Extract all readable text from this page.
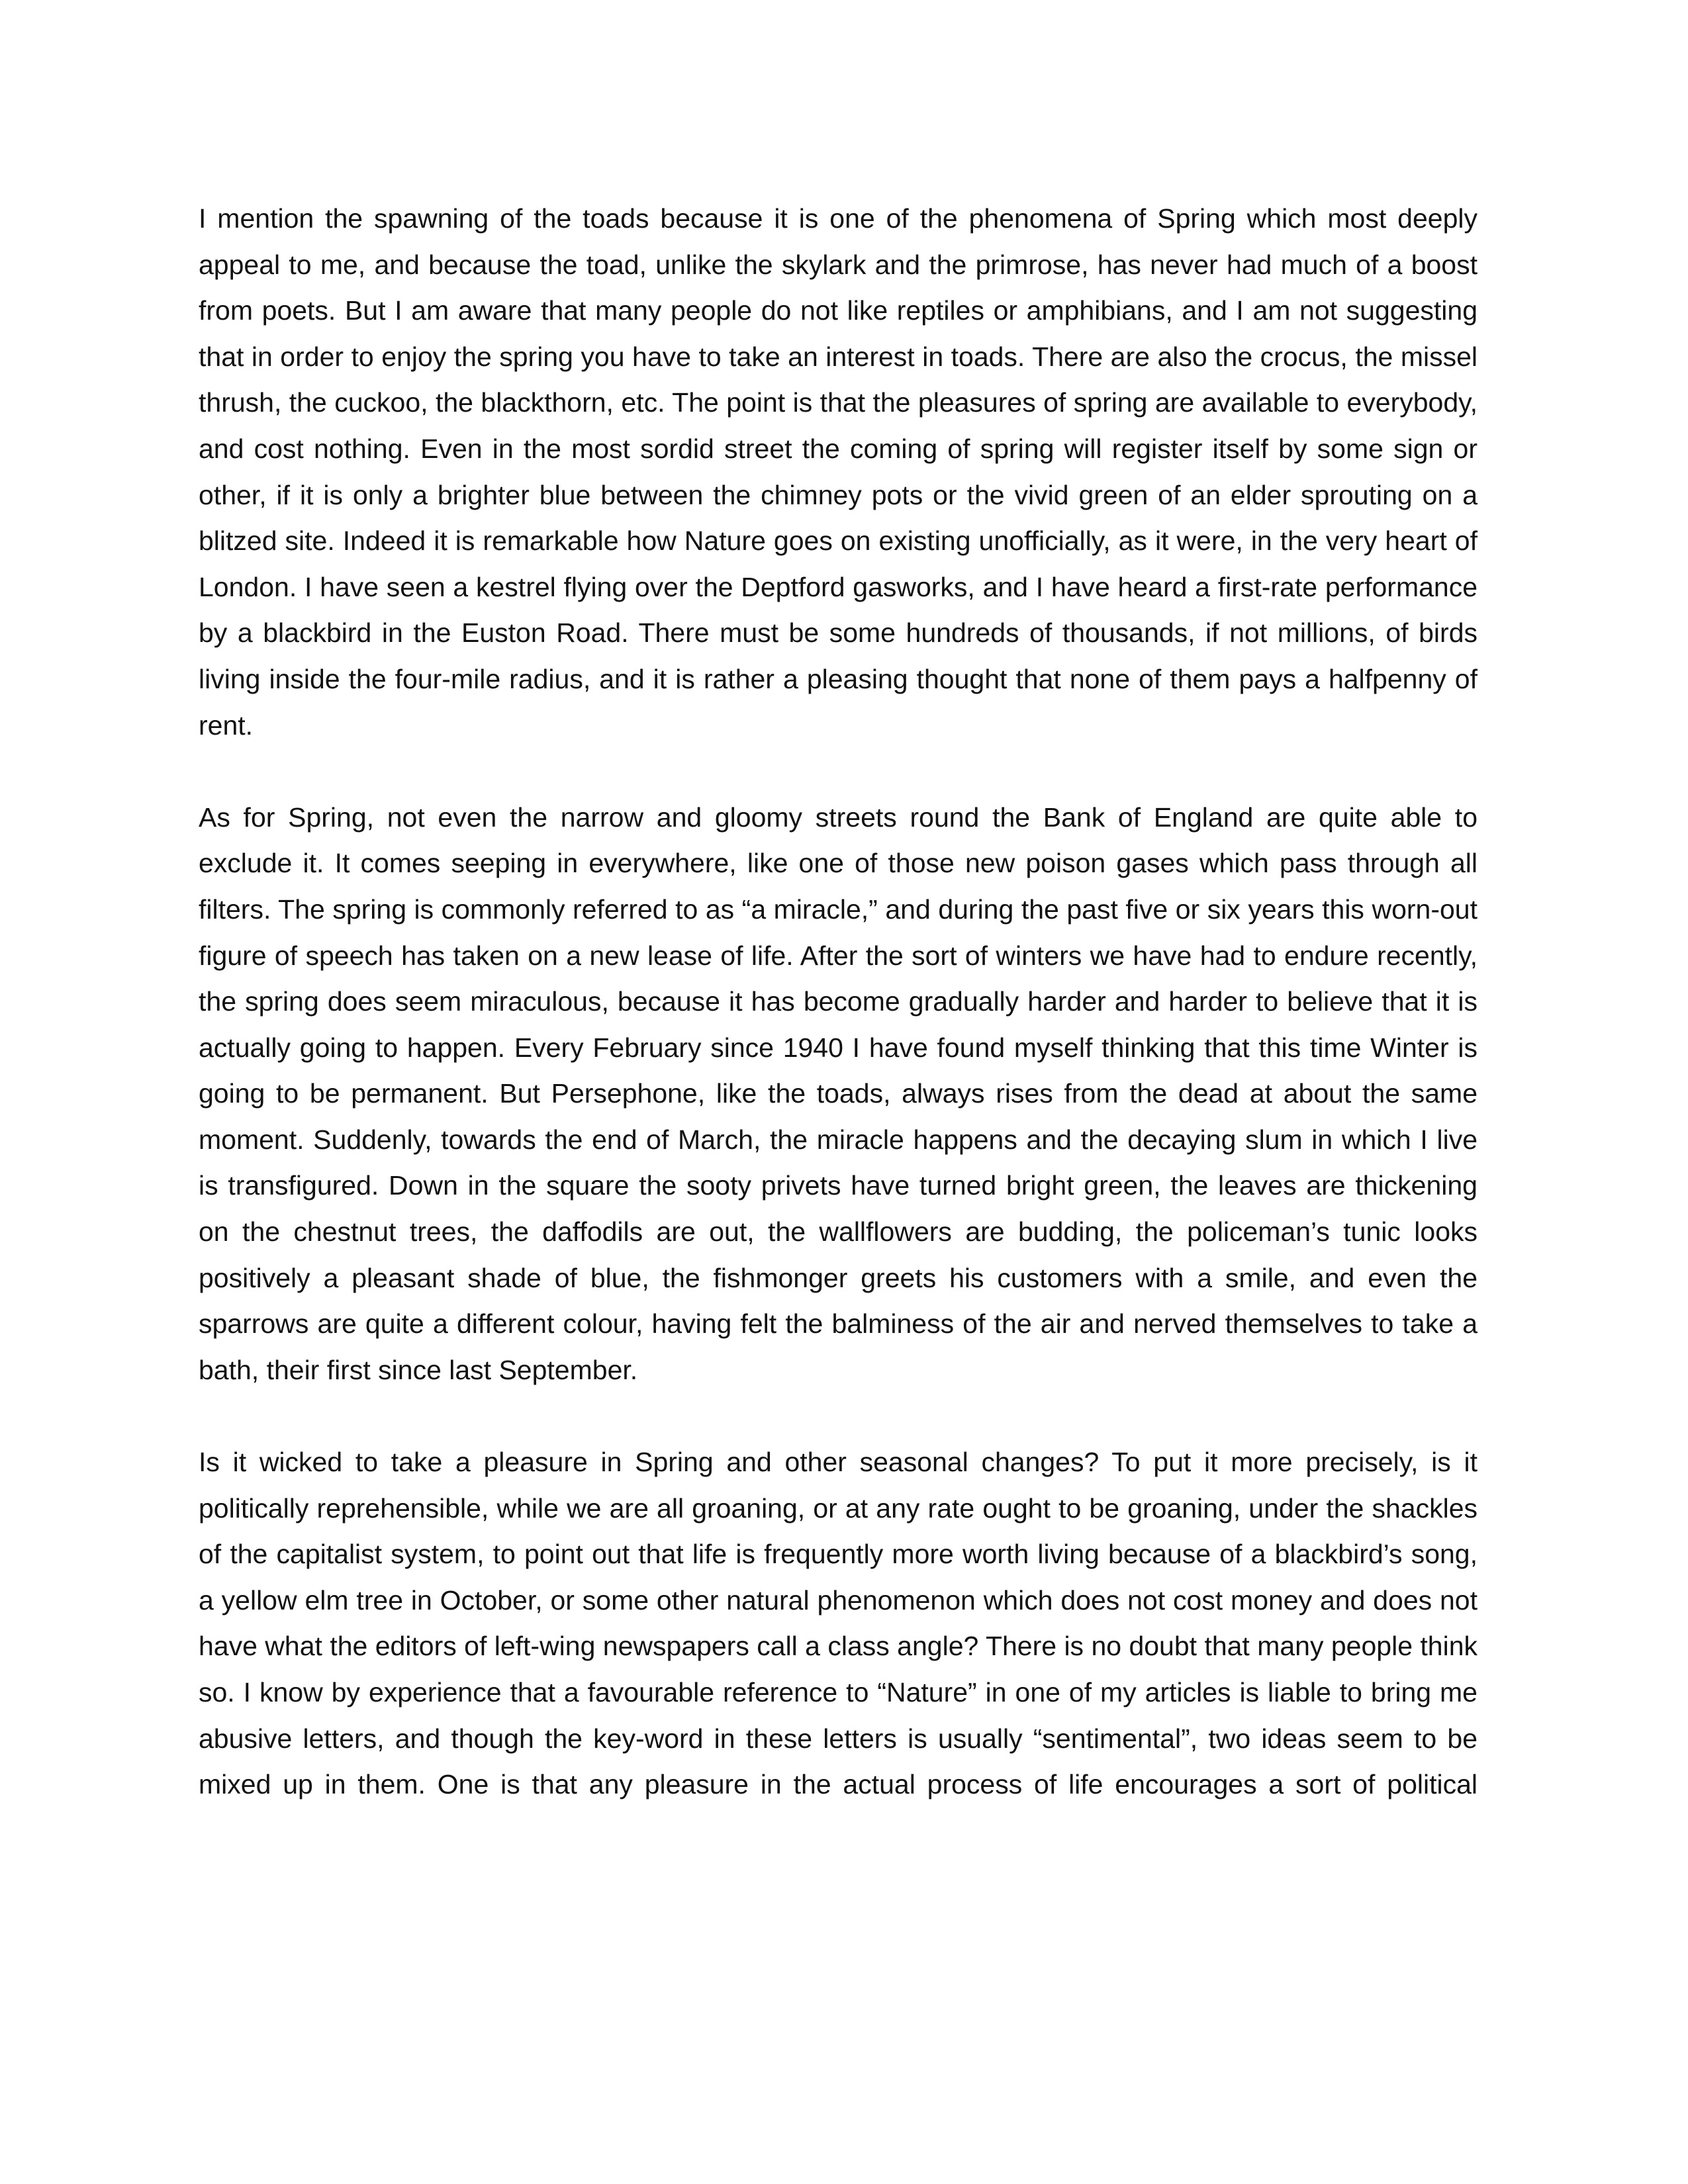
I mention the spawning of the toads because it is one of the phenomena of Spring which most deeply appeal to me, and because the toad, unlike the skylark and the primrose, has never had much of a boost from poets. But I am aware that many people do not like reptiles or amphibians, and I am not suggesting that in order to enjoy the spring you have to take an interest in toads. There are also the crocus, the missel thrush, the cuckoo, the blackthorn, etc. The point is that the pleasures of spring are available to everybody, and cost nothing. Even in the most sordid street the coming of spring will register itself by some sign or other, if it is only a brighter blue between the chimney pots or the vivid green of an elder sprouting on a blitzed site. Indeed it is remarkable how Nature goes on existing unofficially, as it were, in the very heart of London. I have seen a kestrel flying over the Deptford gasworks, and I have heard a first-rate performance by a blackbird in the Euston Road. There must be some hundreds of thousands, if not millions, of birds living inside the four-mile radius, and it is rather a pleasing thought that none of them pays a halfpenny of rent.

As for Spring, not even the narrow and gloomy streets round the Bank of England are quite able to exclude it. It comes seeping in everywhere, like one of those new poison gases which pass through all filters. The spring is commonly referred to as “a miracle,” and during the past five or six years this worn-out figure of speech has taken on a new lease of life. After the sort of winters we have had to endure recently, the spring does seem miraculous, because it has become gradually harder and harder to believe that it is actually going to happen. Every February since 1940 I have found myself thinking that this time Winter is going to be permanent. But Persephone, like the toads, always rises from the dead at about the same moment. Suddenly, towards the end of March, the miracle happens and the decaying slum in which I live is transfigured. Down in the square the sooty privets have turned bright green, the leaves are thickening on the chestnut trees, the daffodils are out, the wallflowers are budding, the policeman’s tunic looks positively a pleasant shade of blue, the fishmonger greets his customers with a smile, and even the sparrows are quite a different colour, having felt the balminess of the air and nerved themselves to take a bath, their first since last September.

Is it wicked to take a pleasure in Spring and other seasonal changes? To put it more precisely, is it politically reprehensible, while we are all groaning, or at any rate ought to be groaning, under the shackles of the capitalist system, to point out that life is frequently more worth living because of a blackbird’s song, a yellow elm tree in October, or some other natural phenomenon which does not cost money and does not have what the editors of left-wing newspapers call a class angle? There is no doubt that many people think so. I know by experience that a favourable reference to “Nature” in one of my articles is liable to bring me abusive letters, and though the key-word in these letters is usually “sentimental”, two ideas seem to be mixed up in them. One is that any pleasure in the actual process of life encourages a sort of political
